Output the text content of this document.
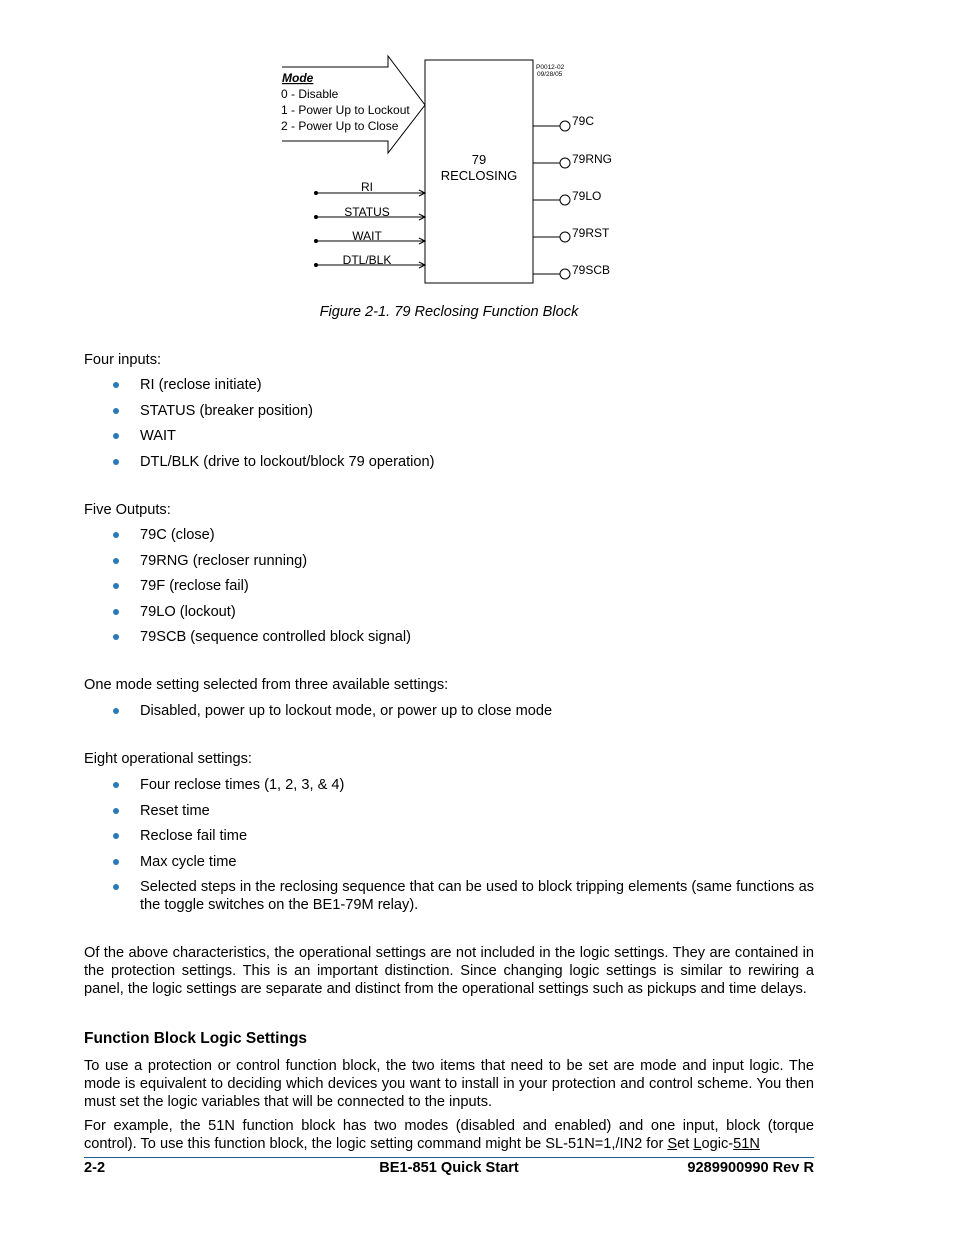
Mode
0 - Disable
1 - Power Up to Lockout
2 - Power Up to Close
79
RECLOSING
P0012-02
09/28/05
RI
STATUS
WAIT
DTL/BLK
79C
79RNG
79LO
79RST
79SCB
Figure 2-1. 79 Reclosing Function Block
Four inputs:
RI (reclose initiate)
STATUS (breaker position)
WAIT
DTL/BLK (drive to lockout/block 79 operation)
Five Outputs:
79C (close)
79RNG (recloser running)
79F (reclose fail)
79LO (lockout)
79SCB (sequence controlled block signal)
One mode setting selected from three available settings:
Disabled, power up to lockout mode, or power up to close mode
Eight operational settings:
Four reclose times (1, 2, 3, & 4)
Reset time
Reclose fail time
Max cycle time
Selected steps in the reclosing sequence that can be used to block tripping elements (same functions as the toggle switches on the BE1-79M relay).
Of the above characteristics, the operational settings are not included in the logic settings. They are contained in the protection settings. This is an important distinction. Since changing logic settings is similar to rewiring a panel, the logic settings are separate and distinct from the operational settings such as pickups and time delays.
Function Block Logic Settings
To use a protection or control function block, the two items that need to be set are mode and input logic. The mode is equivalent to deciding which devices you want to install in your protection and control scheme. You then must set the logic variables that will be connected to the inputs.
For example, the 51N function block has two modes (disabled and enabled) and one input, block (torque control). To use this function block, the logic setting command might be SL-51N=1,/IN2 for Set Logic-51N
2-2	BE1-851 Quick Start	9289900990 Rev R
